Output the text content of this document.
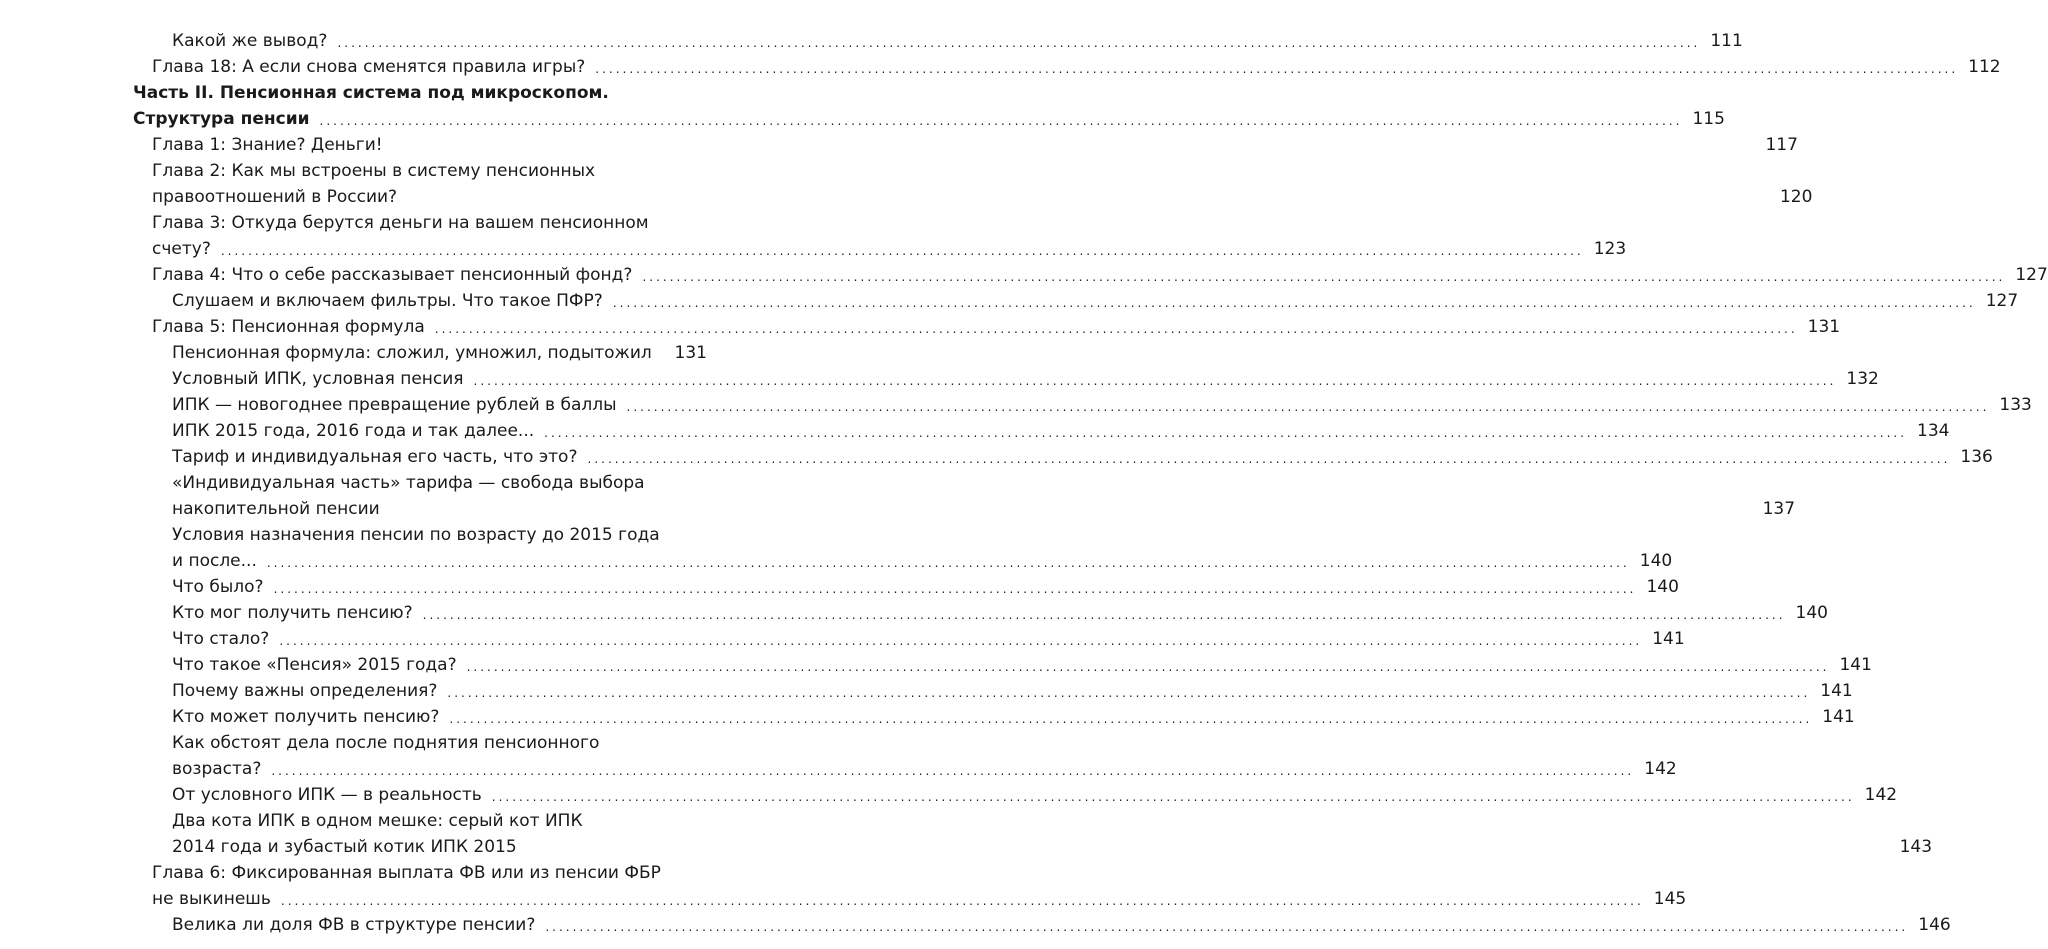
Какой же вывод? ........................................................................................................................................................................................................ 111
Глава 18: А если снова сменятся правила игры? ........................................................................................................................................................................................................ 112
Часть II. Пенсионная система под микроскопом.
Структура пенсии ........................................................................................................................................................................................................ 115
Глава 1: Знание? Деньги!	117
Глава 2: Как мы встроены в систему пенсионных
правоотношений в России?	120
Глава 3: Откуда берутся деньги на вашем пенсионном
счету? ........................................................................................................................................................................................................ 123
Глава 4: Что о себе рассказывает пенсионный фонд? ........................................................................................................................................................................................................ 127
Слушаем и включаем фильтры. Что такое ПФР? ........................................................................................................................................................................................................ 127
Глава 5: Пенсионная формула ........................................................................................................................................................................................................ 131
Пенсионная формула: сложил, умножил, подытожил 131
Условный ИПК, условная пенсия ........................................................................................................................................................................................................ 132
ИПК — новогоднее превращение рублей в баллы ........................................................................................................................................................................................................ 133
ИПК 2015 года, 2016 года и так далее... ........................................................................................................................................................................................................ 134
Тариф и индивидуальная его часть, что это? ........................................................................................................................................................................................................ 136
«Индивидуальная часть» тарифа — свобода выбора
накопительной пенсии	137
Условия назначения пенсии по возрасту до 2015 года
и после... ........................................................................................................................................................................................................ 140
Что было? ........................................................................................................................................................................................................ 140
Кто мог получить пенсию? ........................................................................................................................................................................................................ 140
Что стало? ........................................................................................................................................................................................................ 141
Что такое «Пенсия» 2015 года? ........................................................................................................................................................................................................ 141
Почему важны определения? ........................................................................................................................................................................................................ 141
Кто может получить пенсию? ........................................................................................................................................................................................................ 141
Как обстоят дела после поднятия пенсионного
возраста? ........................................................................................................................................................................................................ 142
От условного ИПК — в реальность ........................................................................................................................................................................................................ 142
Два кота ИПК в одном мешке: серый кот ИПК
2014 года и зубастый котик ИПК 2015	143
Глава 6: Фиксированная выплата ФВ или из пенсии ФБР
не выкинешь ........................................................................................................................................................................................................ 145
Велика ли доля ФВ в структуре пенсии? ........................................................................................................................................................................................................ 146
